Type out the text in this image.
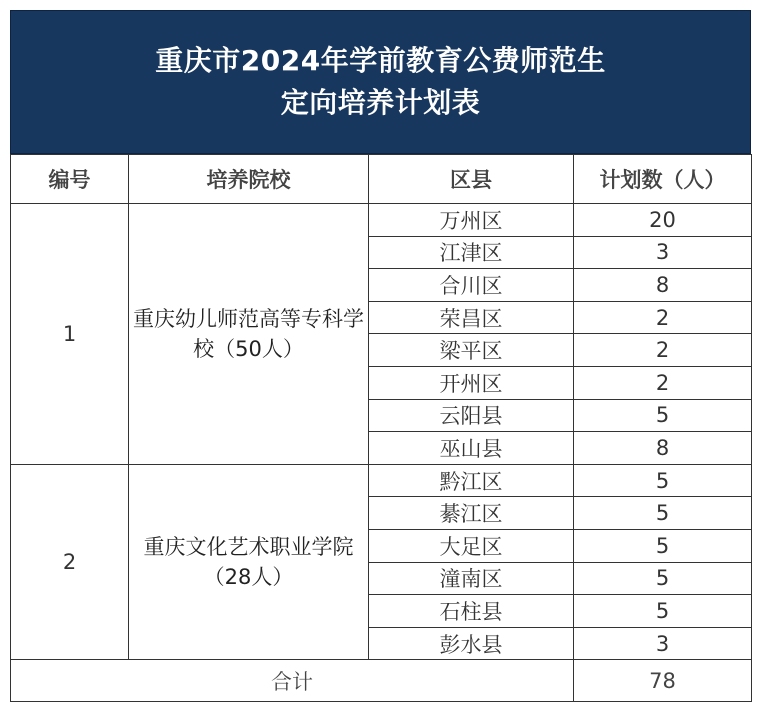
重庆市2024年学前教育公费师范生
定向培养计划表
编号	培养院校	区县	计划数（人）
1	重庆幼儿师范高等专科学校（50人）	万州区	20
		江津区	3
		合川区	8
		荣昌区	2
		梁平区	2
		开州区	2
		云阳县	5
		巫山县	8
2	重庆文化艺术职业学院（28人）	黔江区	5
		綦江区	5
		大足区	5
		潼南区	5
		石柱县	5
		彭水县	3
合计			78
